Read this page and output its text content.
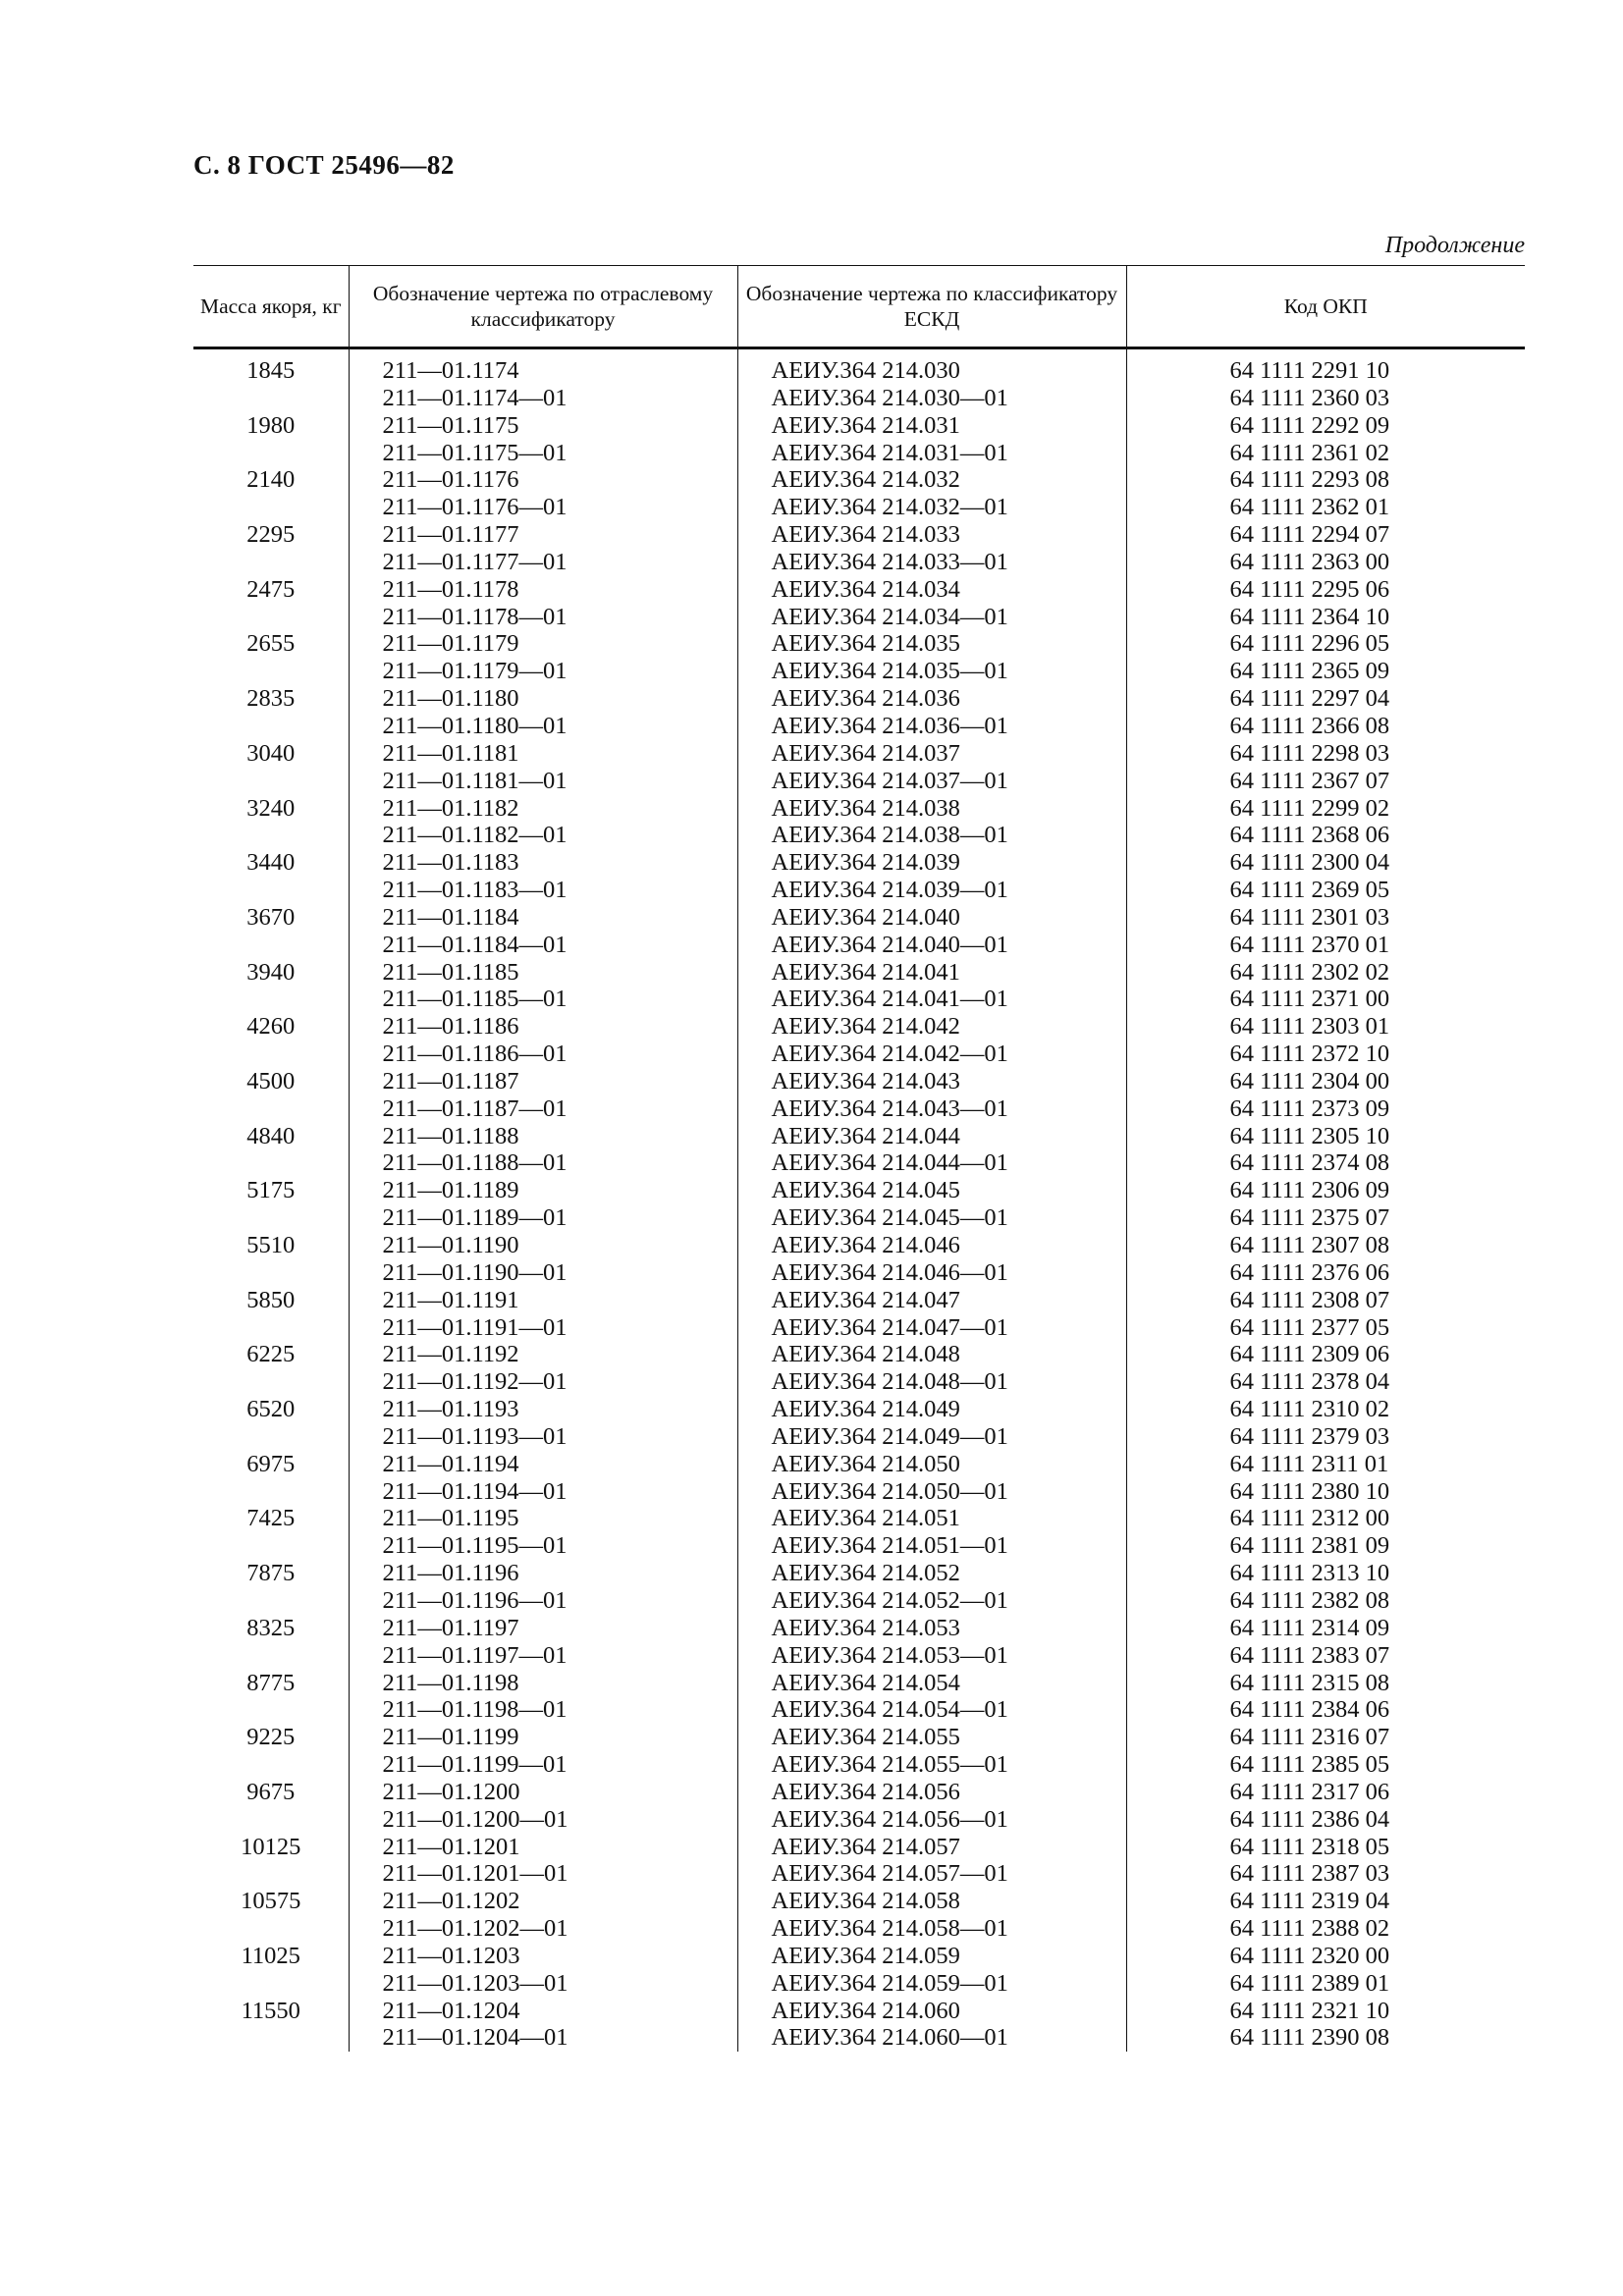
С. 8 ГОСТ 25496—82
Продолжение
Масса якоря, кг	Обозначение чертежа по отраслевому классификатору	Обозначение чертежа по классификатору ЕСКД	Код ОКП
1845	211—01.1174	АЕИУ.364 214.030	64 1111 2291 10
	211—01.1174—01	АЕИУ.364 214.030—01	64 1111 2360 03
1980	211—01.1175	АЕИУ.364 214.031	64 1111 2292 09
	211—01.1175—01	АЕИУ.364 214.031—01	64 1111 2361 02
2140	211—01.1176	АЕИУ.364 214.032	64 1111 2293 08
	211—01.1176—01	АЕИУ.364 214.032—01	64 1111 2362 01
2295	211—01.1177	АЕИУ.364 214.033	64 1111 2294 07
	211—01.1177—01	АЕИУ.364 214.033—01	64 1111 2363 00
2475	211—01.1178	АЕИУ.364 214.034	64 1111 2295 06
	211—01.1178—01	АЕИУ.364 214.034—01	64 1111 2364 10
2655	211—01.1179	АЕИУ.364 214.035	64 1111 2296 05
	211—01.1179—01	АЕИУ.364 214.035—01	64 1111 2365 09
2835	211—01.1180	АЕИУ.364 214.036	64 1111 2297 04
	211—01.1180—01	АЕИУ.364 214.036—01	64 1111 2366 08
3040	211—01.1181	АЕИУ.364 214.037	64 1111 2298 03
	211—01.1181—01	АЕИУ.364 214.037—01	64 1111 2367 07
3240	211—01.1182	АЕИУ.364 214.038	64 1111 2299 02
	211—01.1182—01	АЕИУ.364 214.038—01	64 1111 2368 06
3440	211—01.1183	АЕИУ.364 214.039	64 1111 2300 04
	211—01.1183—01	АЕИУ.364 214.039—01	64 1111 2369 05
3670	211—01.1184	АЕИУ.364 214.040	64 1111 2301 03
	211—01.1184—01	АЕИУ.364 214.040—01	64 1111 2370 01
3940	211—01.1185	АЕИУ.364 214.041	64 1111 2302 02
	211—01.1185—01	АЕИУ.364 214.041—01	64 1111 2371 00
4260	211—01.1186	АЕИУ.364 214.042	64 1111 2303 01
	211—01.1186—01	АЕИУ.364 214.042—01	64 1111 2372 10
4500	211—01.1187	АЕИУ.364 214.043	64 1111 2304 00
	211—01.1187—01	АЕИУ.364 214.043—01	64 1111 2373 09
4840	211—01.1188	АЕИУ.364 214.044	64 1111 2305 10
	211—01.1188—01	АЕИУ.364 214.044—01	64 1111 2374 08
5175	211—01.1189	АЕИУ.364 214.045	64 1111 2306 09
	211—01.1189—01	АЕИУ.364 214.045—01	64 1111 2375 07
5510	211—01.1190	АЕИУ.364 214.046	64 1111 2307 08
	211—01.1190—01	АЕИУ.364 214.046—01	64 1111 2376 06
5850	211—01.1191	АЕИУ.364 214.047	64 1111 2308 07
	211—01.1191—01	АЕИУ.364 214.047—01	64 1111 2377 05
6225	211—01.1192	АЕИУ.364 214.048	64 1111 2309 06
	211—01.1192—01	АЕИУ.364 214.048—01	64 1111 2378 04
6520	211—01.1193	АЕИУ.364 214.049	64 1111 2310 02
	211—01.1193—01	АЕИУ.364 214.049—01	64 1111 2379 03
6975	211—01.1194	АЕИУ.364 214.050	64 1111 2311 01
	211—01.1194—01	АЕИУ.364 214.050—01	64 1111 2380 10
7425	211—01.1195	АЕИУ.364 214.051	64 1111 2312 00
	211—01.1195—01	АЕИУ.364 214.051—01	64 1111 2381 09
7875	211—01.1196	АЕИУ.364 214.052	64 1111 2313 10
	211—01.1196—01	АЕИУ.364 214.052—01	64 1111 2382 08
8325	211—01.1197	АЕИУ.364 214.053	64 1111 2314 09
	211—01.1197—01	АЕИУ.364 214.053—01	64 1111 2383 07
8775	211—01.1198	АЕИУ.364 214.054	64 1111 2315 08
	211—01.1198—01	АЕИУ.364 214.054—01	64 1111 2384 06
9225	211—01.1199	АЕИУ.364 214.055	64 1111 2316 07
	211—01.1199—01	АЕИУ.364 214.055—01	64 1111 2385 05
9675	211—01.1200	АЕИУ.364 214.056	64 1111 2317 06
	211—01.1200—01	АЕИУ.364 214.056—01	64 1111 2386 04
10125	211—01.1201	АЕИУ.364 214.057	64 1111 2318 05
	211—01.1201—01	АЕИУ.364 214.057—01	64 1111 2387 03
10575	211—01.1202	АЕИУ.364 214.058	64 1111 2319 04
	211—01.1202—01	АЕИУ.364 214.058—01	64 1111 2388 02
11025	211—01.1203	АЕИУ.364 214.059	64 1111 2320 00
	211—01.1203—01	АЕИУ.364 214.059—01	64 1111 2389 01
11550	211—01.1204	АЕИУ.364 214.060	64 1111 2321 10
	211—01.1204—01	АЕИУ.364 214.060—01	64 1111 2390 08
